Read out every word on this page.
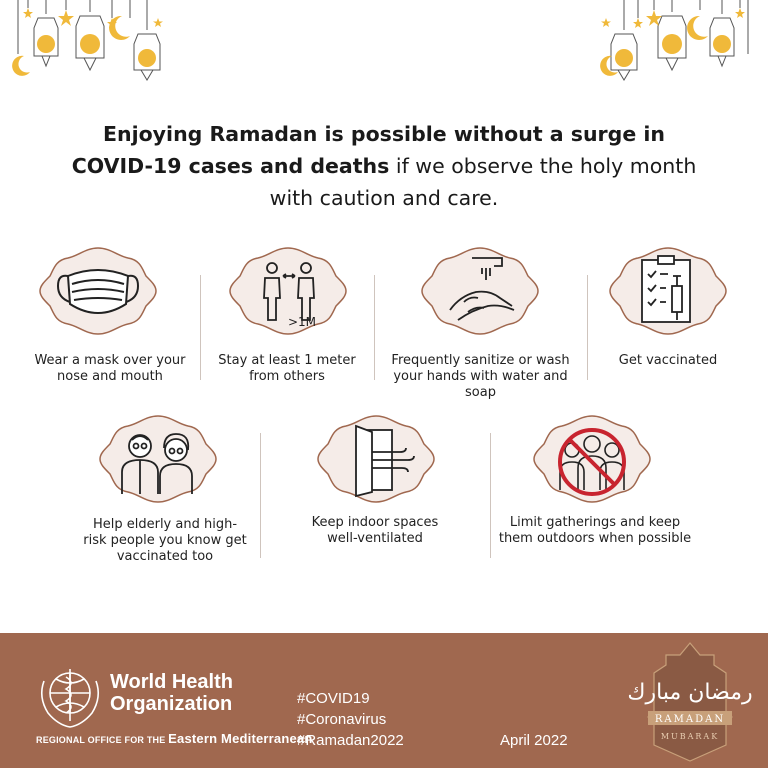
Enjoying Ramadan is possible without a surge in COVID-19 cases and deaths if we observe the holy month with caution and care.
>1M
Wear a mask over your
nose and mouth
Stay at least 1 meter
from others
Frequently sanitize or wash
your hands with water and soap
Get vaccinated
Help elderly and high-
risk people you know get
vaccinated too
Keep indoor spaces
well-ventilated
Limit gatherings and keep
them outdoors when possible
World Health
Organization
REGIONAL OFFICE FOR THE Eastern Mediterranean
#COVID19
#Coronavirus
#Ramadan2022	April 2022
رمضان مبارك
RAMADAN
MUBARAK
